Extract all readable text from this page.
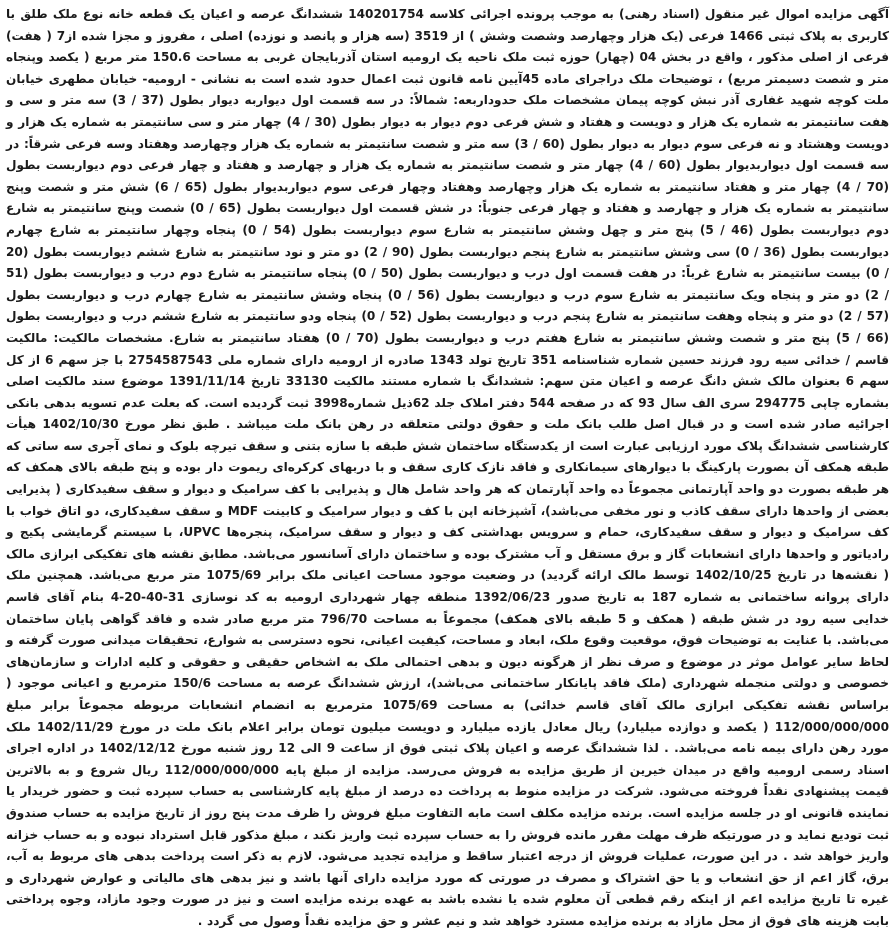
آگهی مزایده اموال غیر منقول (اسناد رهنی) به موجب پرونده اجرائی کلاسه 140201754 ششدانگ عرصه و اعیان یک قطعه خانه نوع ملک طلق با کاربری به پلاک ثبتی 1466 فرعی (یک هزار وچهارصد وشصت وشش ) از 3519 (سه هزار و پانصد و نوزده) اصلی ، مفروز و مجزا شده از7 ( هفت) فرعی از اصلی مذکور ، واقع در بخش 04 (چهار) حوزه ثبت ملک ناحیه یک ارومیه استان آذربایجان غربی به مساحت 150.6 متر مربع ( یکصد وپنجاه متر و شصت دسیمتر مربع) ، توضیحات ملک دراجرای ماده 45آیین نامه قانون ثبت اعمال حدود شده است به نشانی - ارومیه- خیابان مطهری خیابان ملت کوچه شهید غفاری آذر نبش کوچه پیمان مشخصات ملک حدوداربعه: شمالاً: در سه قسمت اول دیواربه دیوار بطول (37 / 3) سه متر و سی و هفت سانتیمتر به شماره یک هزار و دویست و هفتاد و شش فرعی دوم دیوار به دیوار بطول (30 / 4) چهار متر و سی سانتیمتر به شماره یک هزار و دویست وهشتاد و نه فرعی سوم دیوار به دیوار بطول (60 / 3) سه متر و شصت سانتیمتر به شماره یک هزار وچهارصد وهفتاد وسه فرعی شرقاً: در سه قسمت اول دیواربدیوار بطول (60 / 4) چهار متر و شصت سانتیمتر به شماره یک هزار و چهارصد و هفتاد و چهار فرعی دوم دیواربست بطول (70 / 4) چهار متر و هفتاد سانتیمتر به شماره یک هزار وچهارصد وهفتاد وچهار فرعی سوم دیواربدیوار بطول (65 / 6) شش متر و شصت وپنج سانتیمتر به شماره یک هزار و چهارصد و هفتاد و چهار فرعی جنوباً: در شش قسمت اول دیواربست بطول (65 / 0) شصت وپنج سانتیمتر به شارع دوم دیواربست بطول (46 / 5) پنج متر و چهل وشش سانتیمتر به شارع سوم دیواربست بطول (54 / 0) پنجاه وچهار سانتیمتر به شارع چهارم دیواربست بطول (36 / 0) سی وشش سانتیمتر به شارع پنجم دیواربست بطول (90 / 2) دو متر و نود سانتیمتر به شارع ششم دیواربست بطول (20 / 0) بیست سانتیمتر به شارع غرباً: در هفت قسمت اول درب و دیواربست بطول (50 / 0) پنجاه سانتیمتر به شارع دوم درب و دیواربست بطول (51 / 2) دو متر و پنجاه ویک سانتیمتر به شارع سوم درب و دیواربست بطول (56 / 0) پنجاه وشش سانتیمتر به شارع چهارم درب و دیواربست بطول (57 / 2) دو متر و پنجاه وهفت سانتیمتر به شارع پنجم درب و دیواربست بطول (52 / 0) پنجاه ودو سانتیمتر به شارع ششم درب و دیواربست بطول (66 / 5) پنج متر و شصت وشش سانتیمتر به شارع هفتم درب و دیواربست بطول (70 / 0) هفتاد سانتیمتر به شارع. مشخصات مالکیت: مالکیت قاسم / خدائی سیه رود فرزند حسین شماره شناسنامه 351 تاریخ تولد 1343 صادره از ارومیه دارای شماره ملی 2754587543 با جز سهم 6 از کل سهم 6 بعنوان مالک شش دانگ عرصه و اعیان متن سهم: ششدانگ با شماره مستند مالکیت 33130 تاریخ 1391/11/14 موضوع سند مالکیت اصلی بشماره چاپی 294775 سری الف سال 93 که در صفحه 544 دفتر املاک جلد 62ذیل شماره3998 ثبت گردیده است. که بعلت عدم تسویه بدهی بانکی اجرائیه صادر شده است و در قبال اصل طلب بانک ملت و حقوق دولتی متعلقه در رهن بانک ملت میباشد . طبق نظر مورخ 1402/10/30 هیأت کارشناسی ششدانگ پلاک مورد ارزیابی عبارت است از یکدستگاه ساختمان شش طبقه با سازه بتنی و سقف تیرچه بلوک و نمای آجری سه ساتی که طبقه همکف آن بصورت پارکینگ با دیوارهای سیمانکاری و فاقد نازک کاری سقف و با دربهای کرکره‌ای ریموت دار بوده و پنج طبقه بالای همکف که هر طبقه بصورت دو واحد آپارتمانی مجموعاً ده واحد آپارتمان که هر واحد شامل هال و پذیرایی با کف سرامیک و دیوار و سقف سفیدکاری ( پذیرایی بعضی از واحدها دارای سقف کاذب و نور مخفی می‌باشد)، آشپزخانه اپن با کف و دیوار سرامیک و کابینت MDF و سقف سفیدکاری، دو اتاق خواب با کف سرامیک و دیوار و سقف سفیدکاری، حمام و سرویس بهداشتی کف و دیوار و سقف سرامیک، پنجره‌ها UPVC، با سیستم گرمایشی پکیج و رادیاتور و واحدها دارای انشعابات گاز و برق مستقل و آب مشترک بوده و ساختمان دارای آسانسور می‌باشد. مطابق نقشه های تفکیکی ابرازی مالک ( نقشه‌ها در تاریخ 1402/10/25 توسط مالک ارائه گردید) در وضعیت موجود مساحت اعیانی ملک برابر 1075/69 متر مربع می‌باشد. همچنین ملک دارای پروانه ساختمانی به شماره 187 به تاریخ صدور 1392/06/23 منطقه چهار شهرداری ارومیه به کد نوسازی 31-40-20-4 بنام آقای قاسم خدایی سیه رود در شش طبقه ( همکف و 5 طبقه بالای همکف) مجموعاً به مساحت 796/70 متر مربع صادر شده و فاقد گواهی پایان ساختمان می‌باشد. با عنایت به توضیحات فوق، موقعیت وقوع ملک، ابعاد و مساحت، کیفیت اعیانی، نحوه دسترسی به شوارع، تحقیقات میدانی صورت گرفته و لحاظ سایر عوامل موثر در موضوع و صرف نظر از هرگونه دیون و بدهی احتمالی ملک به اشخاص حقیقی و حقوقی و کلیه ادارات و سازمان‌های خصوصی و دولتی منجمله شهرداری (ملک فاقد پایانکار ساختمانی می‌باشد)، ارزش ششدانگ عرصه به مساحت 150/6 مترمربع و اعیانی موجود ( براساس نقشه تفکیکی ابرازی مالک آقای قاسم خدائی) به مساحت 1075/69 مترمربع به انضمام انشعابات مربوطه مجموعاً برابر مبلغ 112/000/000/000 ( یکصد و دوازده میلیارد) ریال معادل یازده میلیارد و دویست میلیون تومان برابر اعلام بانک ملت در مورخ 1402/11/29 ملک مورد رهن دارای بیمه نامه می‌باشد. . لذا ششدانگ عرصه و اعیان پلاک ثبتی فوق از ساعت 9 الی 12 روز شنبه مورخ 1402/12/12 در اداره اجرای اسناد رسمی ارومیه واقع در میدان خیرین از طریق مزایده به فروش می‌رسد. مزایده از مبلغ پایه 112/000/000/000 ریال شروع و به بالاترین قیمت پیشنهادی نقداً فروخته می‌شود. شرکت در مزایده منوط به پرداخت ده درصد از مبلغ پایه کارشناسی به حساب سپرده ثبت و حضور خریدار یا نماینده قانونی او در جلسه مزایده است. برنده مزایده مکلف است مابه التفاوت مبلغ فروش را ظرف مدت پنج روز از تاریخ مزایده به حساب صندوق ثبت تودیع نماید و در صورتیکه ظرف مهلت مقرر مانده فروش را به حساب سپرده ثبت واریز نکند ، مبلغ مذکور قابل استرداد نبوده و به حساب خزانه واریز خواهد شد . در این صورت، عملیات فروش از درجه اعتبار ساقط و مزایده تجدید می‌شود. لازم به ذکر است پرداخت بدهی های مربوط به آب، برق، گاز اعم از حق انشعاب و یا حق اشتراک و مصرف در صورتی که مورد مزایده دارای آنها باشد و نیز بدهی های مالیاتی و عوارض شهرداری و غیره تا تاریخ مزایده اعم از اینکه رقم قطعی آن معلوم شده یا نشده باشد به عهده برنده مزایده است و نیز در صورت وجود مازاد، وجوه پرداختی بابت هزینه های فوق از محل مازاد به برنده مزایده مسترد خواهد شد و نیم عشر و حق مزایده نقداً وصول می گردد .
